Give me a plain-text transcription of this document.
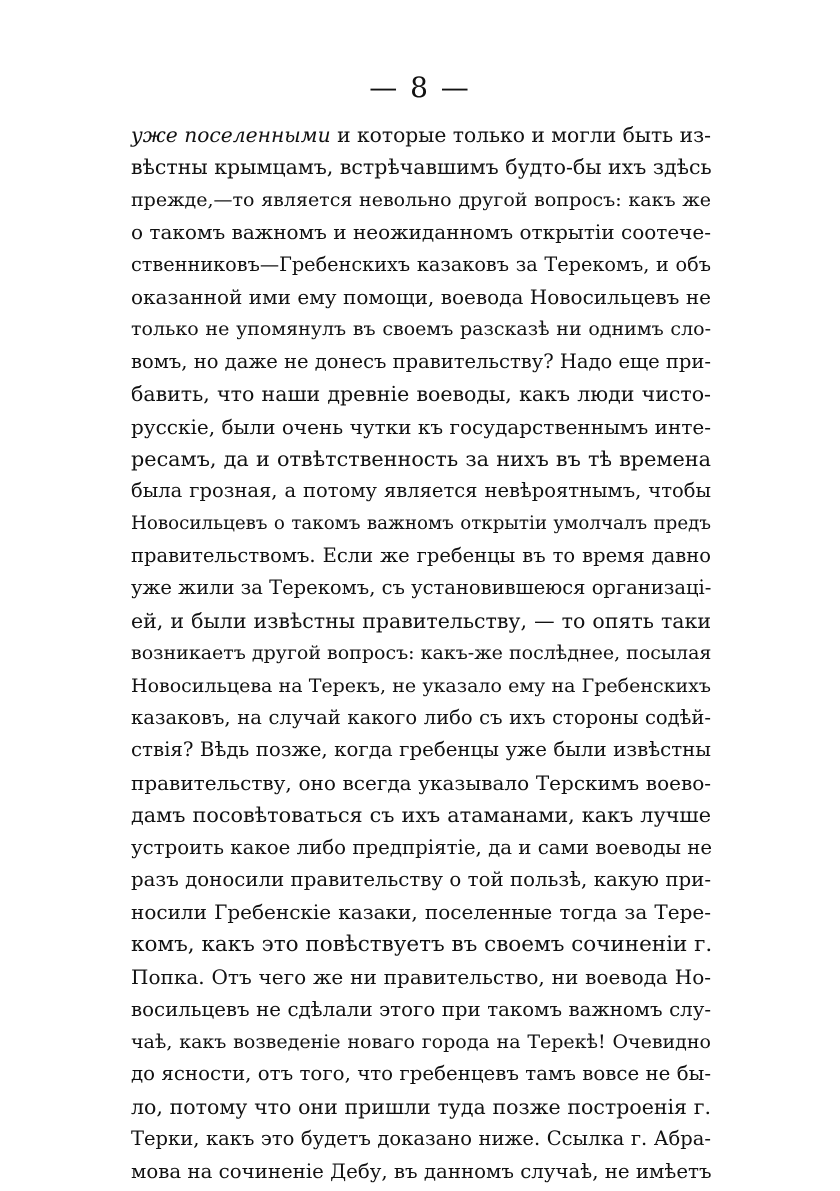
— 8 —
уже поселенными и которые только и могли быть из-
вѣстны крымцамъ, встрѣчавшимъ будто-бы ихъ здѣсь
прежде,—то является невольно другой вопросъ: какъ же
о такомъ важномъ и неожиданномъ открытіи соотече-
ственниковъ—Гребенскихъ казаковъ за Терекомъ, и объ
оказанной ими ему помощи, воевода Новосильцевъ не
только не упомянулъ въ своемъ разсказѣ ни однимъ сло-
вомъ, но даже не донесъ правительству? Надо еще при-
бавить, что наши древніе воеводы, какъ люди чисто-
русскіе, были очень чутки къ государственнымъ инте-
ресамъ, да и отвѣтственность за нихъ въ тѣ времена
была грозная, а потому является невѣроятнымъ, чтобы
Новосильцевъ о такомъ важномъ открытіи умолчалъ предъ
правительствомъ. Если же гребенцы въ то время давно
уже жили за Терекомъ, съ установившеюся организаці-
ей, и были извѣстны правительству, — то опять таки
возникаетъ другой вопросъ: какъ-же послѣднее, посылая
Новосильцева на Терекъ, не указало ему на Гребенскихъ
казаковъ, на случай какого либо съ ихъ стороны содѣй-
ствія? Вѣдь позже, когда гребенцы уже были извѣстны
правительству, оно всегда указывало Терскимъ воево-
дамъ посовѣтоваться съ ихъ атаманами, какъ лучше
устроить какое либо предпріятіе, да и сами воеводы не
разъ доносили правительству о той пользѣ, какую при-
носили Гребенскіе казаки, поселенные тогда за Тере-
комъ, какъ это повѣствуетъ въ своемъ сочиненіи г.
Попка. Отъ чего же ни правительство, ни воевода Но-
восильцевъ не сдѣлали этого при такомъ важномъ слу-
чаѣ, какъ возведеніе новаго города на Терекѣ! Очевидно
до ясности, отъ того, что гребенцевъ тамъ вовсе не бы-
ло, потому что они пришли туда позже построенія г.
Терки, какъ это будетъ доказано ниже. Ссылка г. Абра-
мова на сочиненіе Дебу, въ данномъ случаѣ, не имѣетъ
